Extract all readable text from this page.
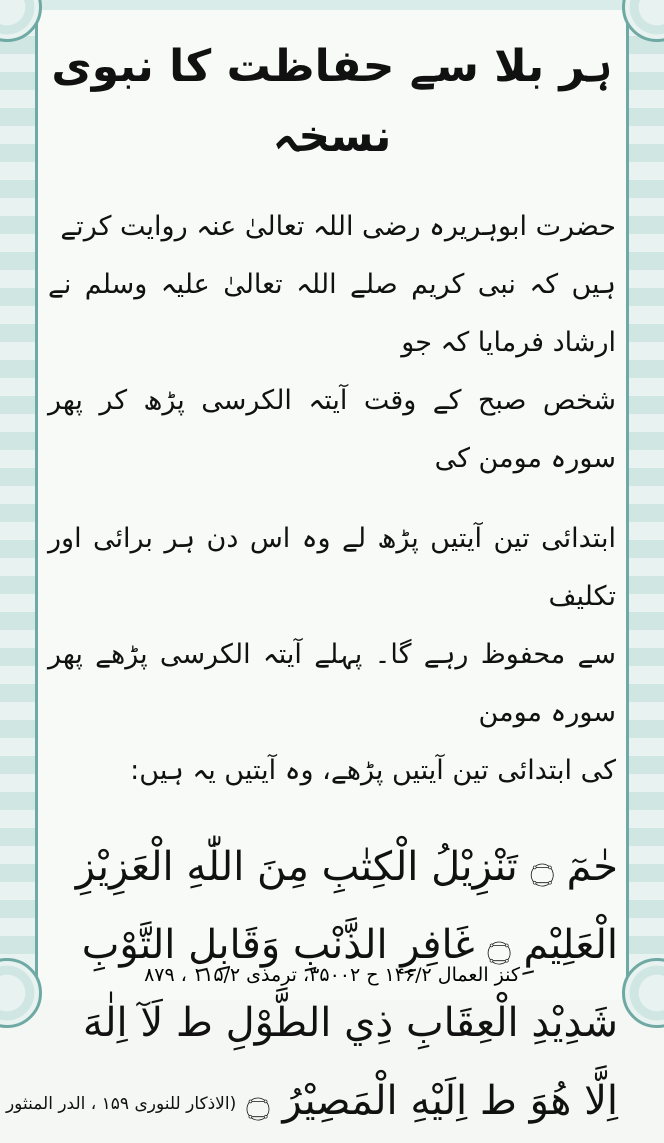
ہر بلا سے حفاظت کا نبوی نسخہ
حضرت ابوہریرہ رضی اللہ تعالیٰ عنہ روایت کرتے
ہیں کہ نبی کریم صلے اللہ تعالیٰ علیہ وسلم نے ارشاد فرمایا کہ جو
شخص صبح کے وقت آیتہ الکرسی پڑھ کر پھر سورہ مومن کی
ابتدائی تین آیتیں پڑھ لے وہ اس دن ہر برائی اور تکلیف
سے محفوظ رہے گا۔ پہلے آیتہ الکرسی پڑھے پھر سورہ مومن
کی ابتدائی تین آیتیں پڑھے، وہ آیتیں یہ ہیں:
حٰمٓ ۝ تَنْزِيْلُ الْكِتٰبِ مِنَ اللّٰهِ الْعَزِيْزِ
الْعَلِيْمِ ۝ غَافِرِ الذَّنْبِ وَقَابِلِ التَّوْبِ
شَدِيْدِ الْعِقَابِ ذِي الطَّوْلِ ط لَآ اِلٰهَ
اِلَّا هُوَ ط اِلَيْهِ الْمَصِيْرُ ۝(الاذکار للنوری ۱۵۹ ، الدر المنثور
کنز العمال ۱۴۶/۲ ح ۳۵۰۰۲، ترمذی ۱۱۵/۲ ، ۸۷۹
